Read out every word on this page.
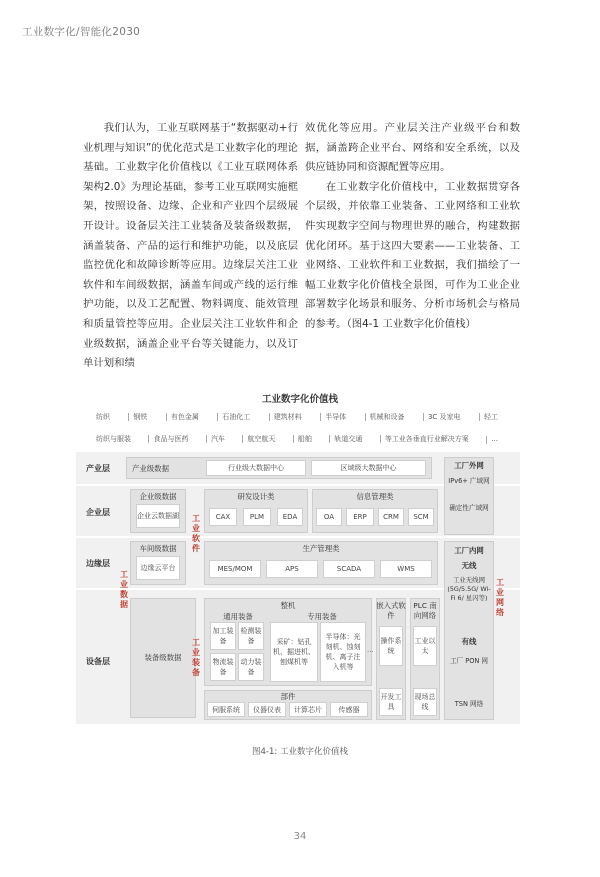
工业数字化/智能化2030

我们认为，工业互联网基于“数据驱动+行业机理与知识”的优化范式是工业数字化的理论基础。工业数字化价值栈以《工业互联网体系架构2.0》为理论基础，参考工业互联网实施框架，按照设备、边缘、企业和产业四个层级展开设计。设备层关注工业装备及装备级数据，涵盖装备、产品的运行和维护功能，以及底层监控优化和故障诊断等应用。边缘层关注工业软件和车间级数据，涵盖车间或产线的运行维护功能，以及工艺配置、物料调度、能效管理和质量管控等应用。企业层关注工业软件和企业级数据，涵盖企业平台等关键能力，以及订单计划和绩

效优化等应用。产业层关注产业级平台和数据，涵盖跨企业平台、网络和安全系统，以及供应链协同和资源配置等应用。

在工业数字化价值栈中，工业数据贯穿各个层级，并依靠工业装备、工业网络和工业软件实现数字空间与物理世界的融合，构建数据优化闭环。基于这四大要素——工业装备、工业网络、工业软件和工业数据，我们描绘了一幅工业数字化价值栈全景图，可作为工业企业部署数字化场景和服务、分析市场机会与格局的参考。（图4-1 工业数字化价值栈）

工业数字化价值栈
纺织	钢铁	有色金属	石油化工	建筑材料	半导体	机械和设备	3C 及家电	轻工
纺织与服装	食品与医药	汽车	航空航天	船舶	轨道交通	等工业各垂直行业解决方案	...
产业层
企业层
边缘层
设备层
产业级数据	行业级大数据中心	区域级大数据中心
企业级数据
企业云数据湖
研发设计类
CAX	PLM	EDA
信息管理类
OA	ERP	CRM	SCM
车间级数据
边缘云平台
生产管理类
MES/MOM	APS	SCADA	WMS
装备级数据
整机
通用装备
加工装备
检测装备
物流装备
动力装备
专用装备
采矿：钻孔机、掘进机、刨煤机等
半导体：光刻机、蚀刻机、离子注入机等
...
部件
伺服系统	仪器仪表	计算芯片	传感器
嵌入式软件
操作系统
开发工具
PLC 南向网络
工业以太
现场总线
工业软件
工业数据
工业装备
工业网络
工厂外网
IPv6+ 广域网
确定性广域网
工厂内网
无线
工业无线网 (5G/5.5G/ Wi-Fi 6/ 星闪等)
有线
工厂 PON 网
TSN 网络
图4-1: 工业数字化价值栈
34
